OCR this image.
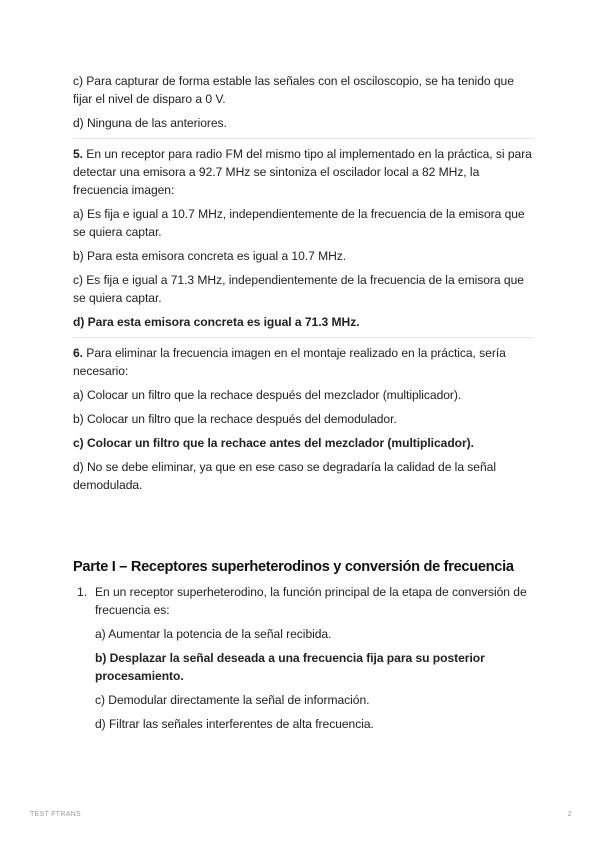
c) Para capturar de forma estable las señales con el osciloscopio, se ha tenido que fijar el nivel de disparo a 0 V.

d) Ninguna de las anteriores.

5. En un receptor para radio FM del mismo tipo al implementado en la práctica, si para detectar una emisora a 92.7 MHz se sintoniza el oscilador local a 82 MHz, la frecuencia imagen:

a) Es fija e igual a 10.7 MHz, independientemente de la frecuencia de la emisora que se quiera captar.

b) Para esta emisora concreta es igual a 10.7 MHz.

c) Es fija e igual a 71.3 MHz, independientemente de la frecuencia de la emisora que se quiera captar.

d) Para esta emisora concreta es igual a 71.3 MHz.

6. Para eliminar la frecuencia imagen en el montaje realizado en la práctica, sería necesario:

a) Colocar un filtro que la rechace después del mezclador (multiplicador).

b) Colocar un filtro que la rechace después del demodulador.

c) Colocar un filtro que la rechace antes del mezclador (multiplicador).

d) No se debe eliminar, ya que en ese caso se degradaría la calidad de la señal demodulada.

Parte I – Receptores superheterodinos y conversión de frecuencia
1. En un receptor superheterodino, la función principal de la etapa de conversión de frecuencia es:

a) Aumentar la potencia de la señal recibida.

b) Desplazar la señal deseada a una frecuencia fija para su posterior procesamiento.

c) Demodular directamente la señal de información.

d) Filtrar las señales interferentes de alta frecuencia.

TEST FTRANS	2
